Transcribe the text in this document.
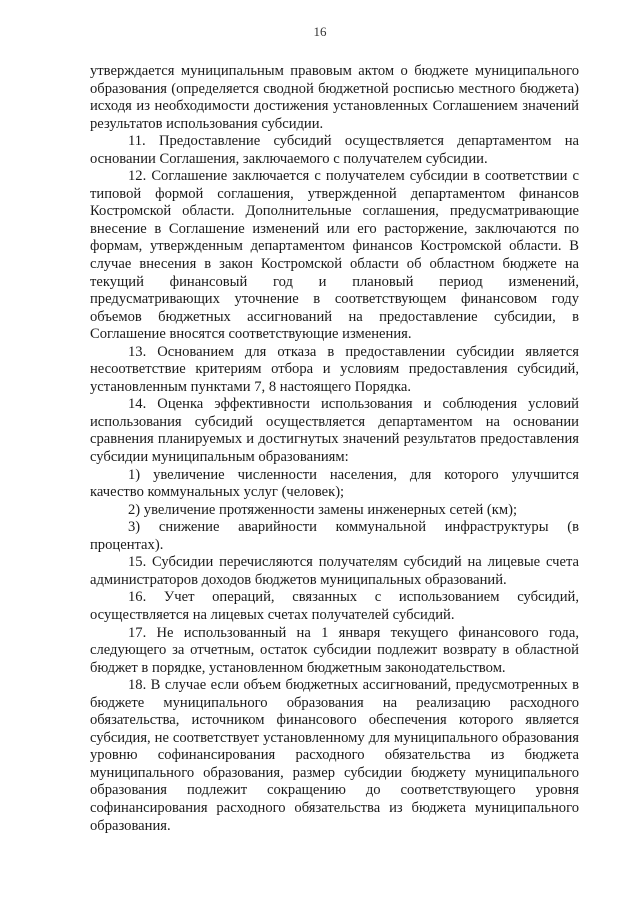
16

утверждается муниципальным правовым актом о бюджете муниципального образования (определяется сводной бюджетной росписью местного бюджета) исходя из необходимости достижения установленных Соглашением значений результатов использования субсидии.

11. Предоставление субсидий осуществляется департаментом на основании Соглашения, заключаемого с получателем субсидии.

12. Соглашение заключается с получателем субсидии в соответствии с типовой формой соглашения, утвержденной департаментом финансов Костромской области. Дополнительные соглашения, предусматривающие внесение в Соглашение изменений или его расторжение, заключаются по формам, утвержденным департаментом финансов Костромской области. В случае внесения в закон Костромской области об областном бюджете на текущий финансовый год и плановый период изменений, предусматривающих уточнение в соответствующем финансовом году объемов бюджетных ассигнований на предоставление субсидии, в Соглашение вносятся соответствующие изменения.

13. Основанием для отказа в предоставлении субсидии является несоответствие критериям отбора и условиям предоставления субсидий, установленным пунктами 7, 8 настоящего Порядка.

14. Оценка эффективности использования и соблюдения условий использования субсидий осуществляется департаментом на основании сравнения планируемых и достигнутых значений результатов предоставления субсидии муниципальным образованиям:

1) увеличение численности населения, для которого улучшится качество коммунальных услуг (человек);

2) увеличение протяженности замены инженерных сетей (км);

3) снижение аварийности коммунальной инфраструктуры (в процентах).

15. Субсидии перечисляются получателям субсидий на лицевые счета администраторов доходов бюджетов муниципальных образований.

16. Учет операций, связанных с использованием субсидий, осуществляется на лицевых счетах получателей субсидий.

17. Не использованный на 1 января текущего финансового года, следующего за отчетным, остаток субсидии подлежит возврату в областной бюджет в порядке, установленном бюджетным законодательством.

18. В случае если объем бюджетных ассигнований, предусмотренных в бюджете муниципального образования на реализацию расходного обязательства, источником финансового обеспечения которого является субсидия, не соответствует установленному для муниципального образования уровню софинансирования расходного обязательства из бюджета муниципального образования, размер субсидии бюджету муниципального образования подлежит сокращению до соответствующего уровня софинансирования расходного обязательства из бюджета муниципального образования.
